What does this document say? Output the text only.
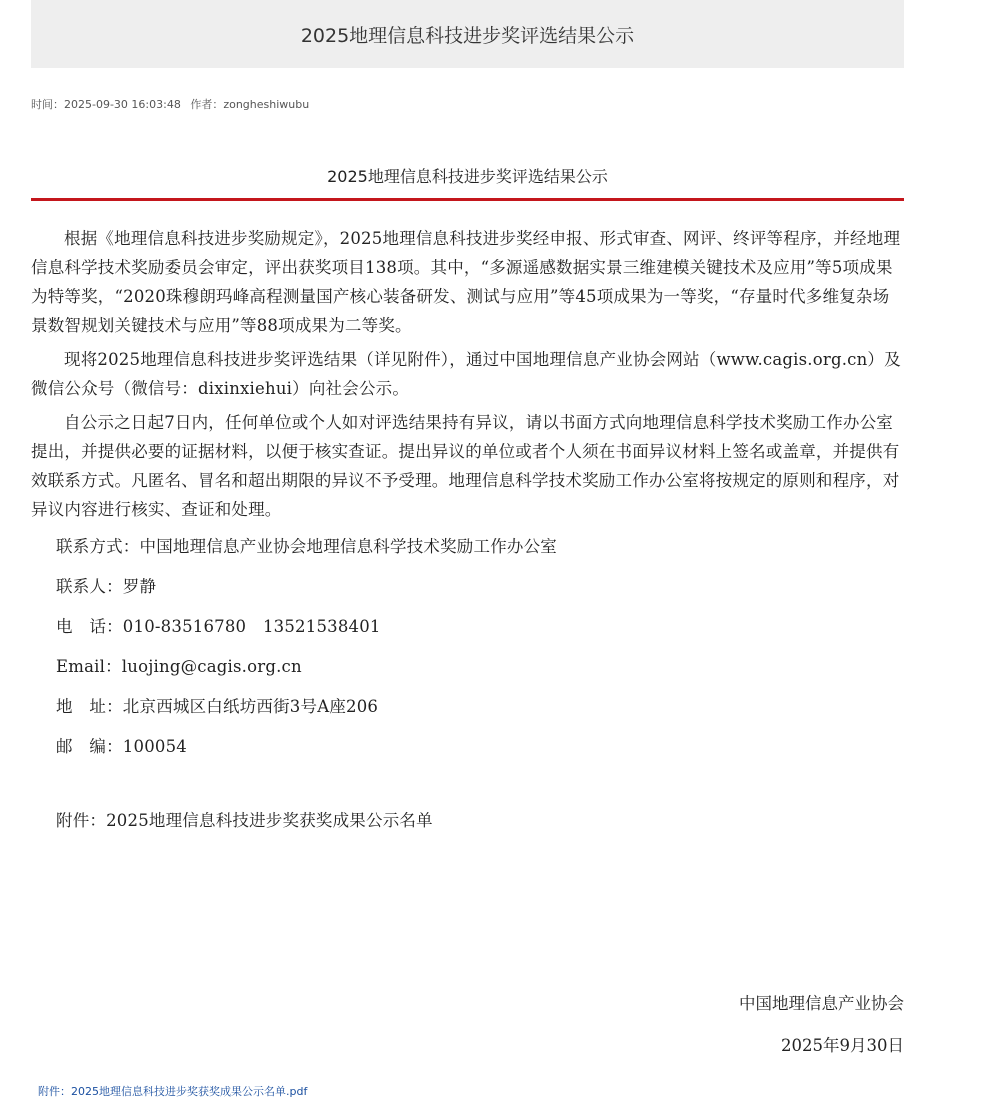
2025地理信息科技进步奖评选结果公示
时间：2025-09-30 16:03:48 作者：zongheshiwubu
2025地理信息科技进步奖评选结果公示

根据《地理信息科技进步奖励规定》，2025地理信息科技进步奖经申报、形式审查、网评、终评等程序，并经地理信息科学技术奖励委员会审定，评出获奖项目138项。其中，“多源遥感数据实景三维建模关键技术及应用”等5项成果为特等奖，“2020珠穆朗玛峰高程测量国产核心装备研发、测试与应用”等45项成果为一等奖，“存量时代多维复杂场景数智规划关键技术与应用”等88项成果为二等奖。

现将2025地理信息科技进步奖评选结果（详见附件），通过中国地理信息产业协会网站（www.cagis.org.cn）及微信公众号（微信号：dixinxiehui）向社会公示。

自公示之日起7日内，任何单位或个人如对评选结果持有异议，请以书面方式向地理信息科学技术奖励工作办公室提出，并提供必要的证据材料，以便于核实查证。提出异议的单位或者个人须在书面异议材料上签名或盖章，并提供有效联系方式。凡匿名、冒名和超出期限的异议不予受理。地理信息科学技术奖励工作办公室将按规定的原则和程序，对异议内容进行核实、查证和处理。

联系方式：中国地理信息产业协会地理信息科学技术奖励工作办公室
联系人：罗静
电　话：010-83516780　13521538401
Email：luojing@cagis.org.cn
地　址：北京西城区白纸坊西街3号A座206
邮　编：100054
附件：2025地理信息科技进步奖获奖成果公示名单
中国地理信息产业协会
2025年9月30日
附件：2025地理信息科技进步奖获奖成果公示名单.pdf
